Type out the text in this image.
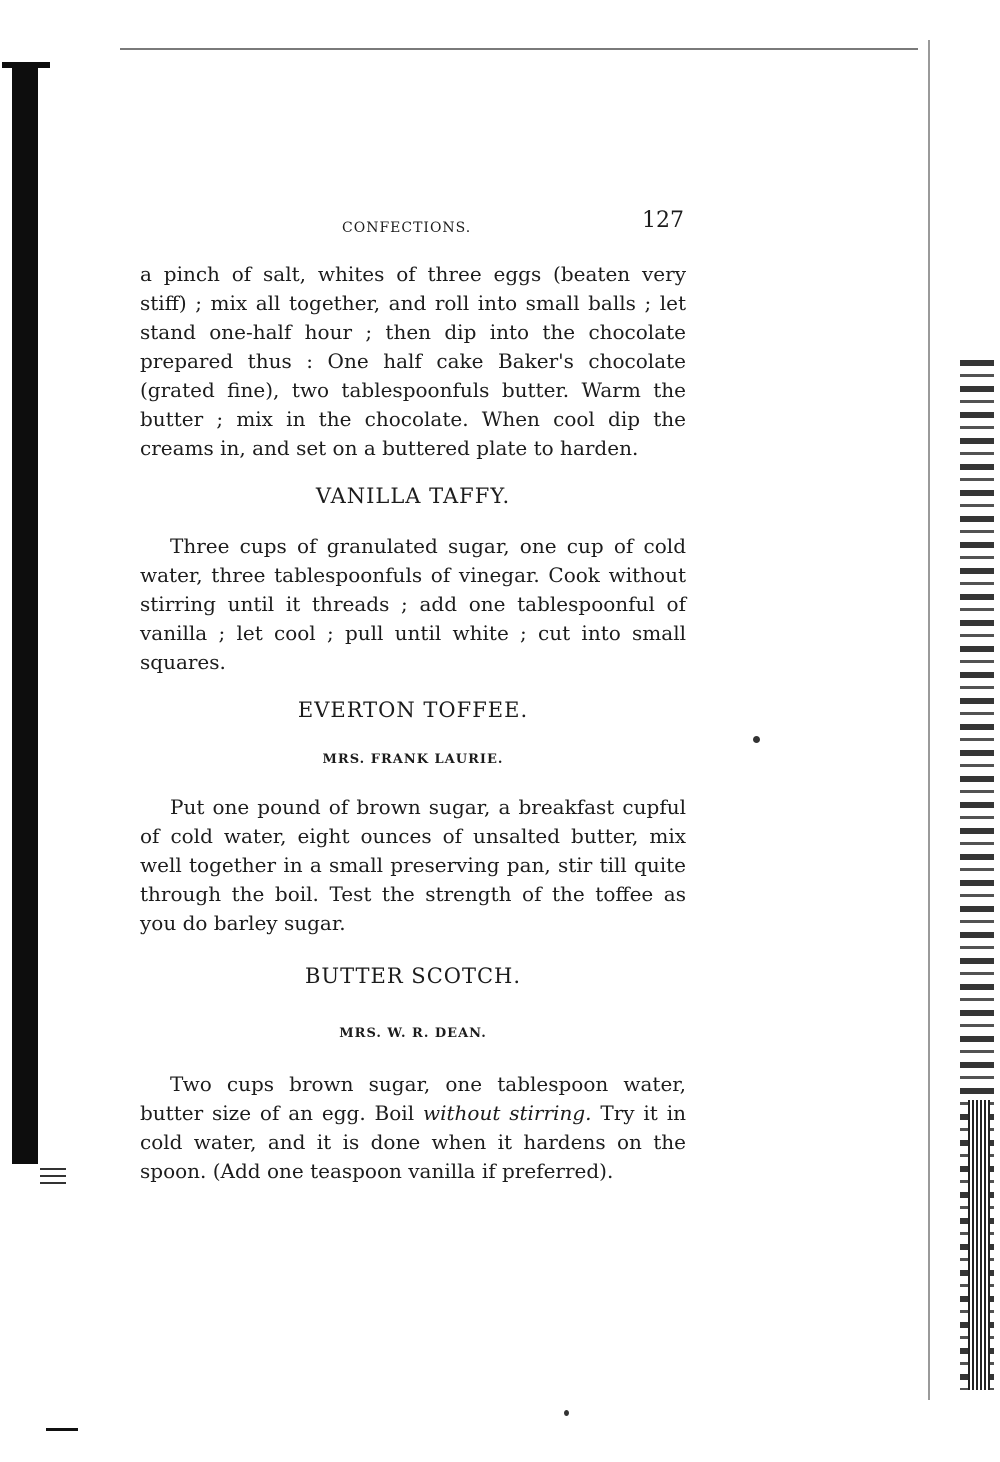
CONFECTIONS.	127
a pinch of salt, whites of three eggs (beaten very stiff) ; mix all together, and roll into small balls ; let stand one-half hour ; then dip into the chocolate prepared thus : One half cake Baker's chocolate (grated fine), two tablespoonfuls butter. Warm the butter ; mix in the chocolate. When cool dip the creams in, and set on a buttered plate to harden.
VANILLA TAFFY.
Three cups of granulated sugar, one cup of cold water, three tablespoonfuls of vinegar. Cook without stirring until it threads ; add one tablespoonful of vanilla ; let cool ; pull until white ; cut into small squares.
EVERTON TOFFEE.
MRS. FRANK LAURIE.
Put one pound of brown sugar, a breakfast cupful of cold water, eight ounces of unsalted butter, mix well together in a small preserving pan, stir till quite through the boil. Test the strength of the toffee as you do barley sugar.
BUTTER SCOTCH.
MRS. W. R. DEAN.
Two cups brown sugar, one tablespoon water, butter size of an egg. Boil without stirring. Try it in cold water, and it is done when it hardens on the spoon. (Add one teaspoon vanilla if preferred).
